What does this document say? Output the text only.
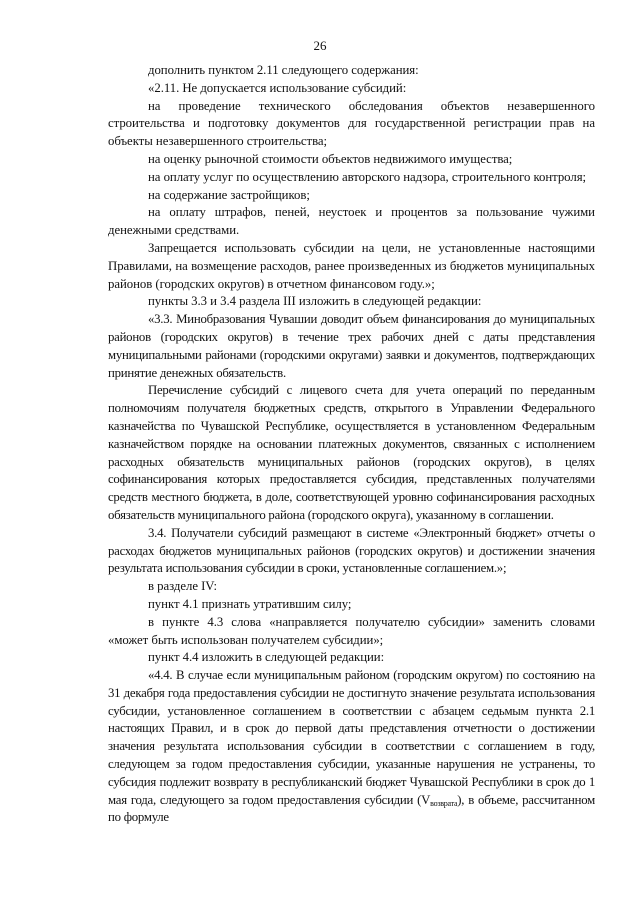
26

дополнить пунктом 2.11 следующего содержания:

«2.11. Не допускается использование субсидий:

на проведение технического обследования объектов незавершенного строительства и подготовку документов для государственной регистрации прав на объекты незавершенного строительства;

на оценку рыночной стоимости объектов недвижимого имущества;

на оплату услуг по осуществлению авторского надзора, строительного контроля;

на содержание застройщиков;

на оплату штрафов, пеней, неустоек и процентов за пользование чужими денежными средствами.

Запрещается использовать субсидии на цели, не установленные настоящими Правилами, на возмещение расходов, ранее произведенных из бюджетов муниципальных районов (городских округов) в отчетном финансовом году.»;

пункты 3.3 и 3.4 раздела III изложить в следующей редакции:

«3.3. Минобразования Чувашии доводит объем финансирования до муниципальных районов (городских округов) в течение трех рабочих дней с даты представления муниципальными районами (городскими округами) заявки и документов, подтверждающих принятие денежных обязательств.

Перечисление субсидий с лицевого счета для учета операций по переданным полномочиям получателя бюджетных средств, открытого в Управлении Федерального казначейства по Чувашской Республике, осуществляется в установленном Федеральным казначейством порядке на основании платежных документов, связанных с исполнением расходных обязательств муниципальных районов (городских округов), в целях софинансирования которых предоставляется субсидия, представленных получателями средств местного бюджета, в доле, соответствующей уровню софинансирования расходных обязательств муниципального района (городского округа), указанному в соглашении.

3.4. Получатели субсидий размещают в системе «Электронный бюджет» отчеты о расходах бюджетов муниципальных районов (городских округов) и достижении значения результата использования субсидии в сроки, установленные соглашением.»;

в разделе IV:

пункт 4.1 признать утратившим силу;

в пункте 4.3 слова «направляется получателю субсидии» заменить словами «может быть использован получателем субсидии»;

пункт 4.4 изложить в следующей редакции:

«4.4. В случае если муниципальным районом (городским округом) по состоянию на 31 декабря года предоставления субсидии не достигнуто значение результата использования субсидии, установленное соглашением в соответствии с абзацем седьмым пункта 2.1 настоящих Правил, и в срок до первой даты представления отчетности о достижении значения результата использования субсидии в соответствии с соглашением в году, следующем за годом предоставления субсидии, указанные нарушения не устранены, то субсидия подлежит возврату в республиканский бюджет Чувашской Республики в срок до 1 мая года, следующего за годом предоставления субсидии $(V_{возврата})$, в объеме, рассчитанном по формуле
